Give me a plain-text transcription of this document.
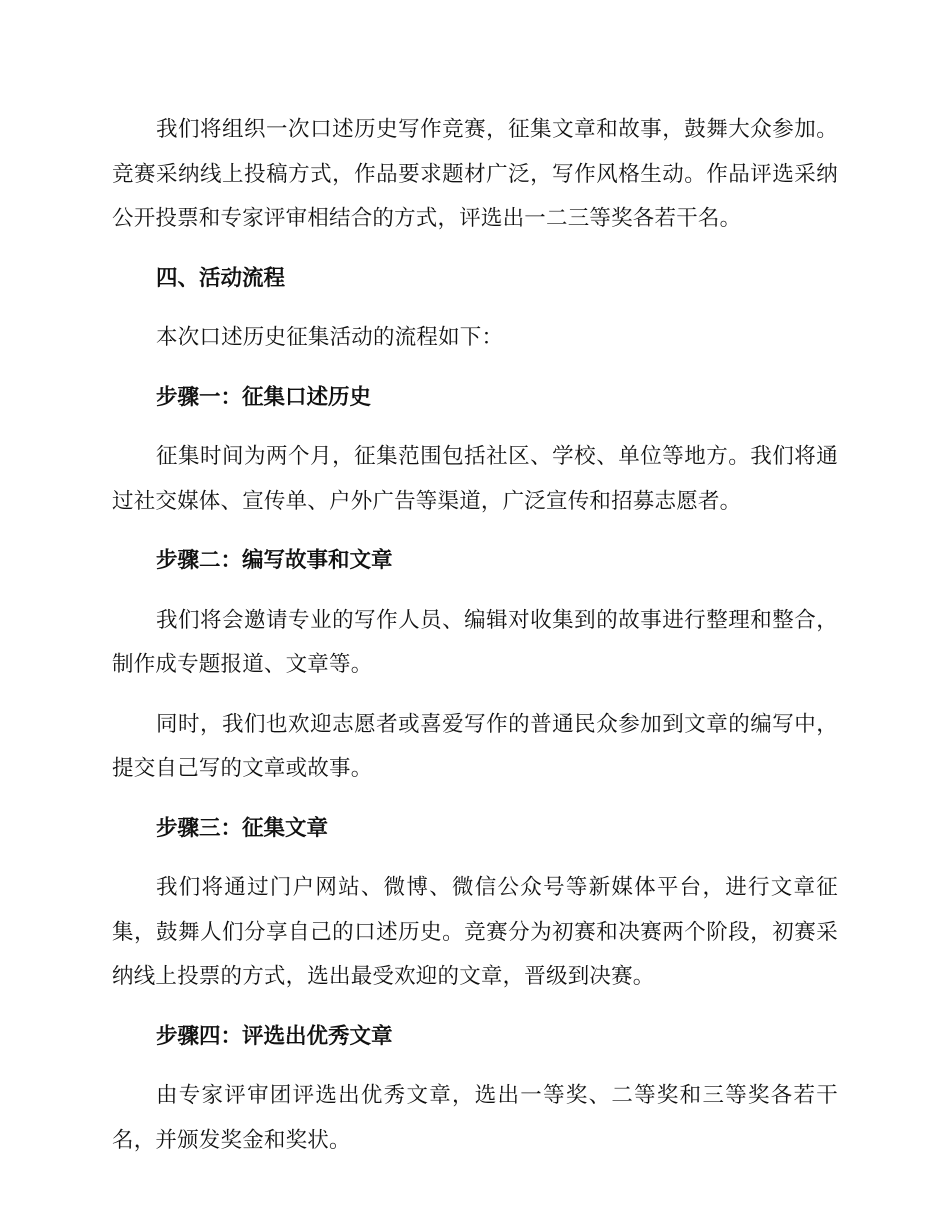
我们将组织一次口述历史写作竞赛，征集文章和故事，鼓舞大众参加。竞赛采纳线上投稿方式，作品要求题材广泛，写作风格生动。作品评选采纳公开投票和专家评审相结合的方式，评选出一二三等奖各若干名。

四、活动流程

本次口述历史征集活动的流程如下：

步骤一：征集口述历史

征集时间为两个月，征集范围包括社区、学校、单位等地方。我们将通过社交媒体、宣传单、户外广告等渠道，广泛宣传和招募志愿者。

步骤二：编写故事和文章

我们将会邀请专业的写作人员、编辑对收集到的故事进行整理和整合，制作成专题报道、文章等。

同时，我们也欢迎志愿者或喜爱写作的普通民众参加到文章的编写中，提交自己写的文章或故事。

步骤三：征集文章

我们将通过门户网站、微博、微信公众号等新媒体平台，进行文章征集，鼓舞人们分享自己的口述历史。竞赛分为初赛和决赛两个阶段，初赛采纳线上投票的方式，选出最受欢迎的文章，晋级到决赛。

步骤四：评选出优秀文章

由专家评审团评选出优秀文章，选出一等奖、二等奖和三等奖各若干名，并颁发奖金和奖状。
